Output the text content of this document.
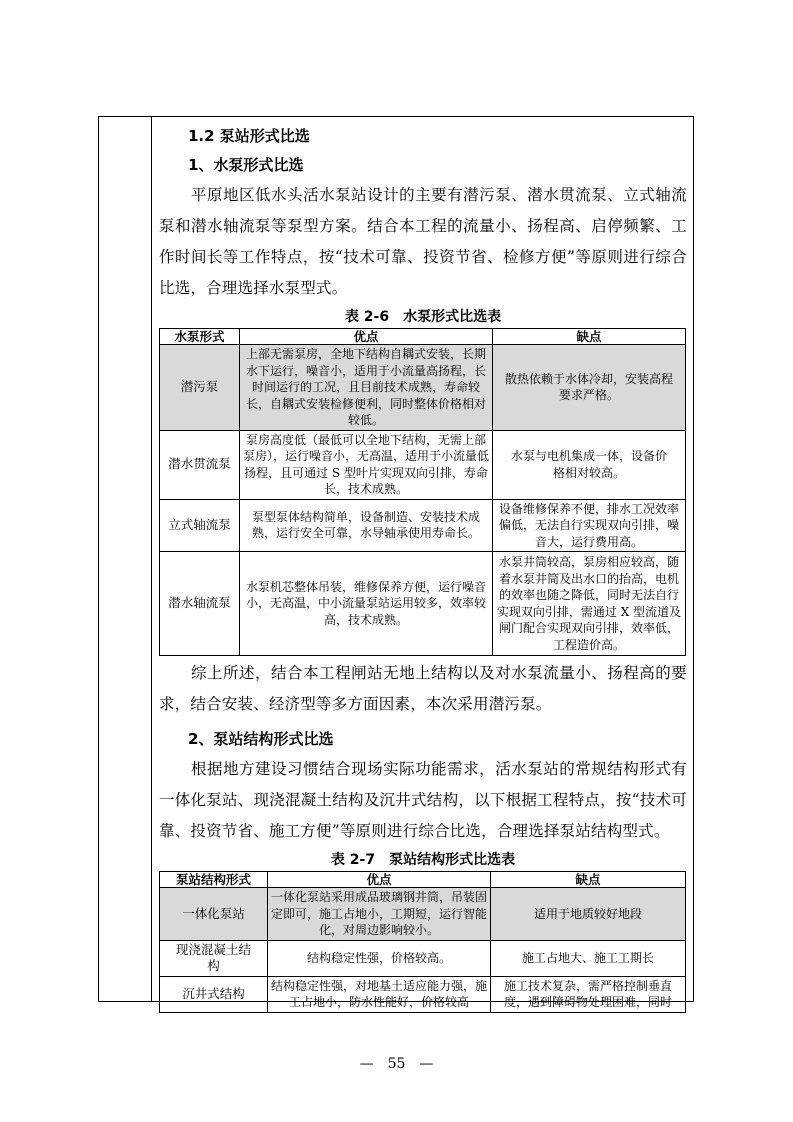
1.2 泵站形式比选
1、水泵形式比选
平原地区低水头活水泵站设计的主要有潜污泵、潜水贯流泵、立式轴流泵和潜水轴流泵等泵型方案。结合本工程的流量小、扬程高、启停频繁、工作时间长等工作特点，按“技术可靠、投资节省、检修方便”等原则进行综合比选，合理选择水泵型式。
表 2-6　水泵形式比选表
水泵形式	优点	缺点
潜污泵	上部无需泵房，全地下结构自耦式安装，长期水下运行，噪音小，适用于小流量高扬程，长时间运行的工况，且目前技术成熟，寿命较长，自耦式安装检修便利，同时整体价格相对较低。	散热依赖于水体冷却，安装高程要求严格。
潜水贯流泵	泵房高度低（最低可以全地下结构，无需上部泵房），运行噪音小，无高温，适用于小流量低扬程，且可通过 S 型叶片实现双向引排，寿命长，技术成熟。	水泵与电机集成一体，设备价格相对较高。
立式轴流泵	泵型泵体结构简单，设备制造、安装技术成熟，运行安全可靠，水导轴承使用寿命长。	设备维修保养不便，排水工况效率偏低，无法自行实现双向引排，噪音大，运行费用高。
潜水轴流泵	水泵机芯整体吊装，维修保养方便，运行噪音小，无高温，中小流量泵站运用较多，效率较高，技术成熟。	水泵井筒较高，泵房相应较高，随着水泵井筒及出水口的抬高，电机的效率也随之降低，同时无法自行实现双向引排，需通过 X 型流道及闸门配合实现双向引排，效率低，工程造价高。
综上所述，结合本工程闸站无地上结构以及对水泵流量小、扬程高的要求，结合安装、经济型等多方面因素，本次采用潜污泵。
2、泵站结构形式比选
根据地方建设习惯结合现场实际功能需求，活水泵站的常规结构形式有一体化泵站、现浇混凝土结构及沉井式结构，以下根据工程特点，按“技术可靠、投资节省、施工方便”等原则进行综合比选，合理选择泵站结构型式。
表 2-7　泵站结构形式比选表
泵站结构形式	优点	缺点
一体化泵站	一体化泵站采用成品玻璃钢井筒，吊装固定即可，施工占地小，工期短，运行智能化，对周边影响较小。	适用于地质较好地段
现浇混凝土结构	结构稳定性强，价格较高。	施工占地大、施工工期长
沉井式结构	结构稳定性强，对地基土适应能力强，施工占地小，防水性能好，价格较高	施工技术复杂，需严格控制垂直度，遇到障碍物处理困难，同时
—　55　—
